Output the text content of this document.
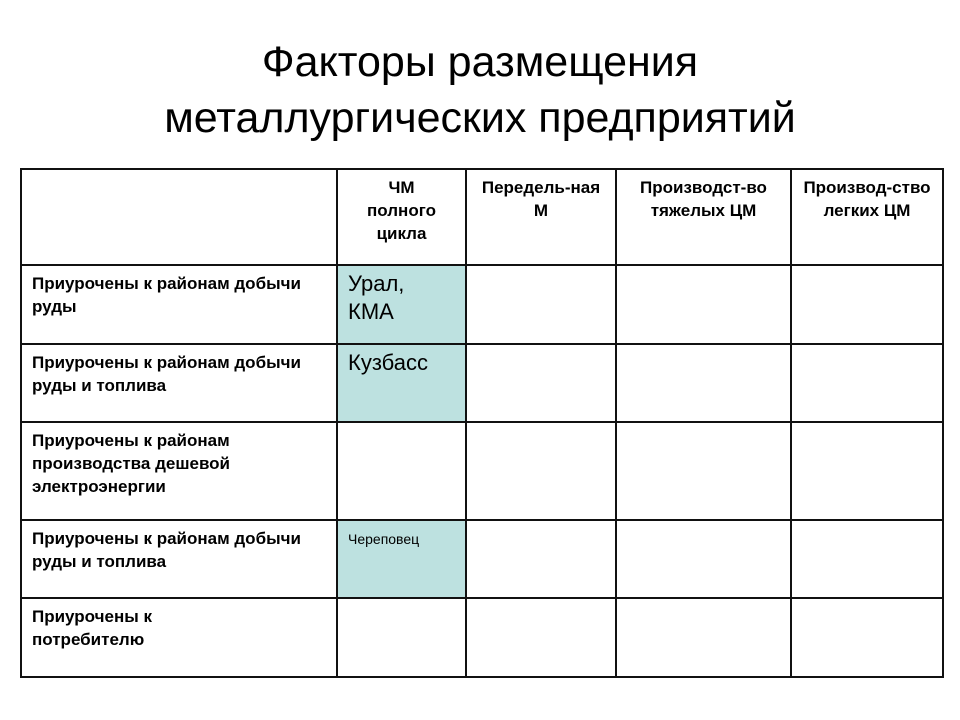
Факторы размещения
металлургических предприятий
	ЧМ полного цикла	Передель-ная М	Производст-во тяжелых ЦМ	Производ-ство легких ЦМ
Приурочены к районам добычи руды	Урал, КМА			
Приурочены к районам добычи руды и топлива	Кузбасс			
Приурочены к районам производства дешевой электроэнергии				
Приурочены к районам добычи руды и топлива	Череповец			
Приурочены к потребителю				
